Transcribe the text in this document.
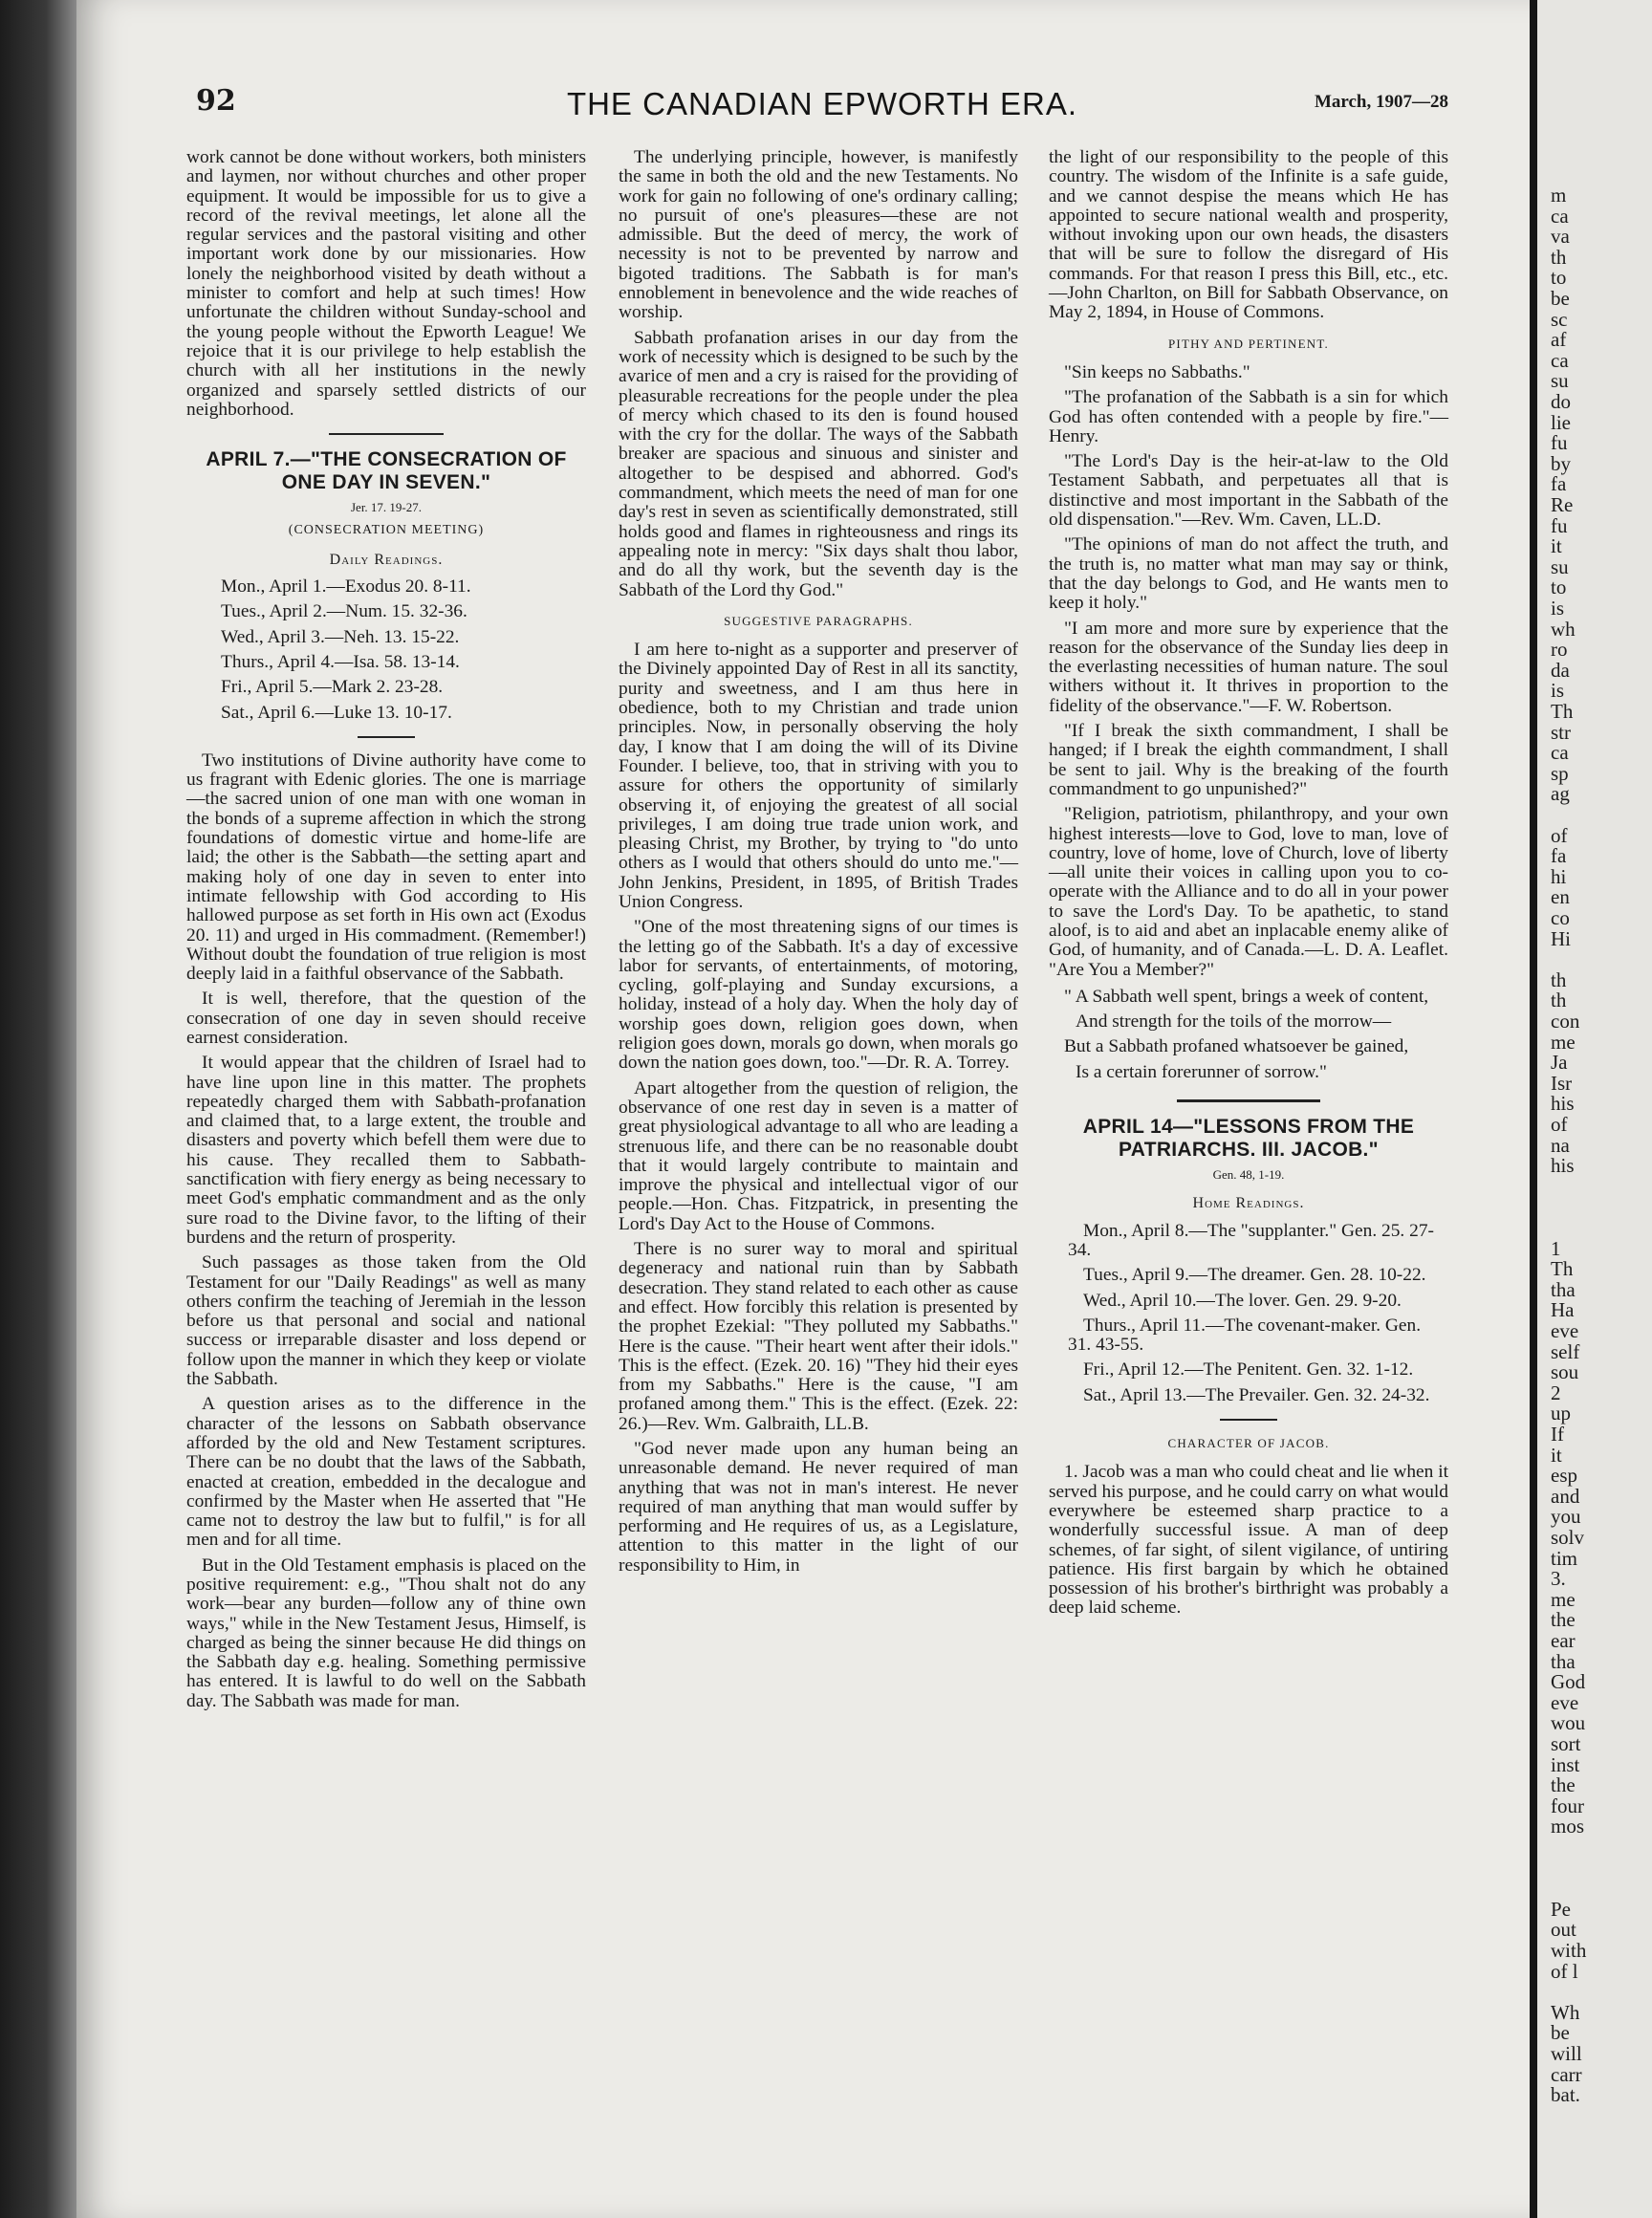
92	THE CANADIAN EPWORTH ERA.	March, 1907—28

work cannot be done without workers, both ministers and laymen, nor without churches and other proper equipment. It would be impossible for us to give a record of the revival meetings, let alone all the regular services and the pastoral visiting and other important work done by our missionaries. How lonely the neighborhood visited by death without a minister to comfort and help at such times! How unfortunate the children without Sunday-school and the young people without the Epworth League! We rejoice that it is our privilege to help establish the church with all her institutions in the newly organized and sparsely settled districts of our neighborhood.

APRIL 7.—"THE CONSECRATION OF ONE DAY IN SEVEN."
Jer. 17. 19-27.
(CONSECRATION MEETING)
Daily Readings.

Mon., April 1.—Exodus 20. 8-11.

Tues., April 2.—Num. 15. 32-36.

Wed., April 3.—Neh. 13. 15-22.

Thurs., April 4.—Isa. 58. 13-14.

Fri., April 5.—Mark 2. 23-28.

Sat., April 6.—Luke 13. 10-17.

Two institutions of Divine authority have come to us fragrant with Edenic glories. The one is marriage—the sacred union of one man with one woman in the bonds of a supreme affection in which the strong foundations of domestic virtue and home-life are laid; the other is the Sabbath—the setting apart and making holy of one day in seven to enter into intimate fellowship with God according to His hallowed purpose as set forth in His own act (Exodus 20. 11) and urged in His commadment. (Remember!) Without doubt the foundation of true religion is most deeply laid in a faithful observance of the Sabbath.

It is well, therefore, that the question of the consecration of one day in seven should receive earnest consideration.

It would appear that the children of Israel had to have line upon line in this matter. The prophets repeatedly charged them with Sabbath-profanation and claimed that, to a large extent, the trouble and disasters and poverty which befell them were due to his cause. They recalled them to Sabbath-sanctification with fiery energy as being necessary to meet God's emphatic commandment and as the only sure road to the Divine favor, to the lifting of their burdens and the return of prosperity.

Such passages as those taken from the Old Testament for our "Daily Readings" as well as many others confirm the teaching of Jeremiah in the lesson before us that personal and social and national success or irreparable disaster and loss depend or follow upon the manner in which they keep or violate the Sabbath.

A question arises as to the difference in the character of the lessons on Sabbath observance afforded by the old and New Testament scriptures. There can be no doubt that the laws of the Sabbath, enacted at creation, embedded in the decalogue and confirmed by the Master when He asserted that "He came not to destroy the law but to fulfil," is for all men and for all time.

But in the Old Testament emphasis is placed on the positive requirement: e.g., "Thou shalt not do any work—bear any burden—follow any of thine own ways," while in the New Testament Jesus, Himself, is charged as being the sinner because He did things on the Sabbath day e.g. healing. Something permissive has entered. It is lawful to do well on the Sabbath day. The Sabbath was made for man.

The underlying principle, however, is manifestly the same in both the old and the new Testaments. No work for gain no following of one's ordinary calling; no pursuit of one's pleasures—these are not admissible. But the deed of mercy, the work of necessity is not to be prevented by narrow and bigoted traditions. The Sabbath is for man's ennoblement in benevolence and the wide reaches of worship.

Sabbath profanation arises in our day from the work of necessity which is designed to be such by the avarice of men and a cry is raised for the providing of pleasurable recreations for the people under the plea of mercy which chased to its den is found housed with the cry for the dollar. The ways of the Sabbath breaker are spacious and sinuous and sinister and altogether to be despised and abhorred. God's commandment, which meets the need of man for one day's rest in seven as scientifically demonstrated, still holds good and flames in righteousness and rings its appealing note in mercy: "Six days shalt thou labor, and do all thy work, but the seventh day is the Sabbath of the Lord thy God."

SUGGESTIVE PARAGRAPHS.

I am here to-night as a supporter and preserver of the Divinely appointed Day of Rest in all its sanctity, purity and sweetness, and I am thus here in obedience, both to my Christian and trade union principles. Now, in personally observing the holy day, I know that I am doing the will of its Divine Founder. I believe, too, that in striving with you to assure for others the opportunity of similarly observing it, of enjoying the greatest of all social privileges, I am doing true trade union work, and pleasing Christ, my Brother, by trying to "do unto others as I would that others should do unto me."—John Jenkins, President, in 1895, of British Trades Union Congress.

"One of the most threatening signs of our times is the letting go of the Sabbath. It's a day of excessive labor for servants, of entertainments, of motoring, cycling, golf-playing and Sunday excursions, a holiday, instead of a holy day. When the holy day of worship goes down, religion goes down, when religion goes down, morals go down, when morals go down the nation goes down, too."—Dr. R. A. Torrey.

Apart altogether from the question of religion, the observance of one rest day in seven is a matter of great physiological advantage to all who are leading a strenuous life, and there can be no reasonable doubt that it would largely contribute to maintain and improve the physical and intellectual vigor of our people.—Hon. Chas. Fitzpatrick, in presenting the Lord's Day Act to the House of Commons.

There is no surer way to moral and spiritual degeneracy and national ruin than by Sabbath desecration. They stand related to each other as cause and effect. How forcibly this relation is presented by the prophet Ezekial: "They polluted my Sabbaths." Here is the cause. "Their heart went after their idols." This is the effect. (Ezek. 20. 16) "They hid their eyes from my Sabbaths." Here is the cause, "I am profaned among them." This is the effect. (Ezek. 22: 26.)—Rev. Wm. Galbraith, LL.B.

"God never made upon any human being an unreasonable demand. He never required of man anything that was not in man's interest. He never required of man anything that man would suffer by performing and He requires of us, as a Legislature, attention to this matter in the light of our responsibility to Him, in

the light of our responsibility to the people of this country. The wisdom of the Infinite is a safe guide, and we cannot despise the means which He has appointed to secure national wealth and prosperity, without invoking upon our own heads, the disasters that will be sure to follow the disregard of His commands. For that reason I press this Bill, etc., etc.—John Charlton, on Bill for Sabbath Observance, on May 2, 1894, in House of Commons.

PITHY AND PERTINENT.

"Sin keeps no Sabbaths."

"The profanation of the Sabbath is a sin for which God has often contended with a people by fire."—Henry.

"The Lord's Day is the heir-at-law to the Old Testament Sabbath, and perpetuates all that is distinctive and most important in the Sabbath of the old dispensation."—Rev. Wm. Caven, LL.D.

"The opinions of man do not affect the truth, and the truth is, no matter what man may say or think, that the day belongs to God, and He wants men to keep it holy."

"I am more and more sure by experience that the reason for the observance of the Sunday lies deep in the everlasting necessities of human nature. The soul withers without it. It thrives in proportion to the fidelity of the observance."—F. W. Robertson.

"If I break the sixth commandment, I shall be hanged; if I break the eighth commandment, I shall be sent to jail. Why is the breaking of the fourth commandment to go unpunished?"

"Religion, patriotism, philanthropy, and your own highest interests—love to God, love to man, love of country, love of home, love of Church, love of liberty—all unite their voices in calling upon you to co-operate with the Alliance and to do all in your power to save the Lord's Day. To be apathetic, to stand aloof, is to aid and abet an inplacable enemy alike of God, of humanity, and of Canada.—L. D. A. Leaflet. "Are You a Member?"

" A Sabbath well spent, brings a week of content,

And strength for the toils of the morrow—

But a Sabbath profaned whatsoever be gained,

Is a certain forerunner of sorrow."

APRIL 14—"LESSONS FROM THE PATRIARCHS. III. JACOB."
Gen. 48, 1-19.
Home Readings.

Mon., April 8.—The "supplanter." Gen. 25. 27-34.

Tues., April 9.—The dreamer. Gen. 28. 10-22.

Wed., April 10.—The lover. Gen. 29. 9-20.

Thurs., April 11.—The covenant-maker. Gen. 31. 43-55.

Fri., April 12.—The Penitent. Gen. 32. 1-12.

Sat., April 13.—The Prevailer. Gen. 32. 24-32.

CHARACTER OF JACOB.

1. Jacob was a man who could cheat and lie when it served his purpose, and he could carry on what would everywhere be esteemed sharp practice to a wonderfully successful issue. A man of deep schemes, of far sight, of silent vigilance, of untiring patience. His first bargain by which he obtained possession of his brother's birthright was probably a deep laid scheme.

m
ca
va
th
to
be
sc
af
ca
su
do
lie
fu
by
fa
Re
fu
it
su
to
is
wh
ro
da
is
Th
str
ca
sp
ag
of
fa
hi
en
co
Hi
th
th
con
me
Ja
Isr
his
of
na
his
1
Th
tha
Ha
eve
self
sou
2
up
If
it
esp
and
you
solv
tim
3.
me
the
ear
tha
God
eve
wou
sort
inst
the
four
mos
Pe
out
with
of l
Wh
be
will
carr
bat.
